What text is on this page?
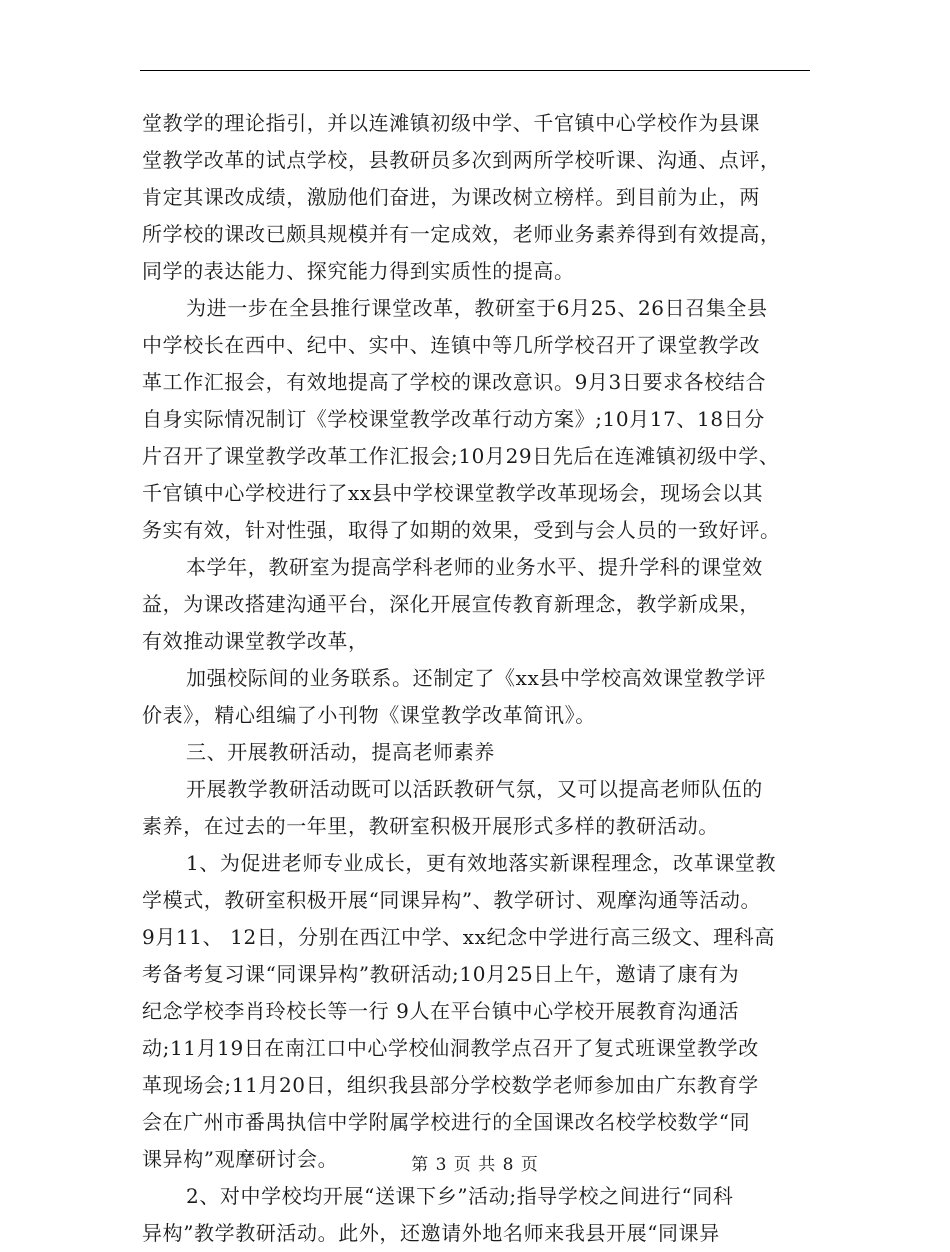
堂教学的理论指引，并以连滩镇初级中学、千官镇中心学校作为县课
堂教学改革的试点学校，县教研员多次到两所学校听课、沟通、点评，
肯定其课改成绩，激励他们奋进，为课改树立榜样。到目前为止，两
所学校的课改已颇具规模并有一定成效，老师业务素养得到有效提高，
同学的表达能力、探究能力得到实质性的提高。
为进一步在全县推行课堂改革，教研室于6月25、26日召集全县
中学校长在西中、纪中、实中、连镇中等几所学校召开了课堂教学改
革工作汇报会，有效地提高了学校的课改意识。9月3日要求各校结合
自身实际情况制订《学校课堂教学改革行动方案》;10月17、18日分
片召开了课堂教学改革工作汇报会;10月29日先后在连滩镇初级中学、
千官镇中心学校进行了xx县中学校课堂教学改革现场会，现场会以其
务实有效，针对性强，取得了如期的效果，受到与会人员的一致好评。
本学年，教研室为提高学科老师的业务水平、提升学科的课堂效
益，为课改搭建沟通平台，深化开展宣传教育新理念，教学新成果，
有效推动课堂教学改革，
加强校际间的业务联系。还制定了《xx县中学校高效课堂教学评
价表》，精心组编了小刊物《课堂教学改革简讯》。
三、开展教研活动，提高老师素养
开展教学教研活动既可以活跃教研气氛，又可以提高老师队伍的
素养，在过去的一年里，教研室积极开展形式多样的教研活动。
1、为促进老师专业成长，更有效地落实新课程理念，改革课堂教
学模式，教研室积极开展“同课异构”、教学研讨、观摩沟通等活动。
9月11、 12日，分别在西江中学、xx纪念中学进行高三级文、理科高
考备考复习课“同课异构”教研活动;10月25日上午，邀请了康有为
纪念学校李肖玲校长等一行 9人在平台镇中心学校开展教育沟通活
动;11月19日在南江口中心学校仙洞教学点召开了复式班课堂教学改
革现场会;11月20日，组织我县部分学校数学老师参加由广东教育学
会在广州市番禺执信中学附属学校进行的全国课改名校学校数学“同
课异构”观摩研讨会。
2、对中学校均开展“送课下乡”活动;指导学校之间进行“同科
异构”教学教研活动。此外，还邀请外地名师来我县开展“同课异
第 3 页 共 8 页
